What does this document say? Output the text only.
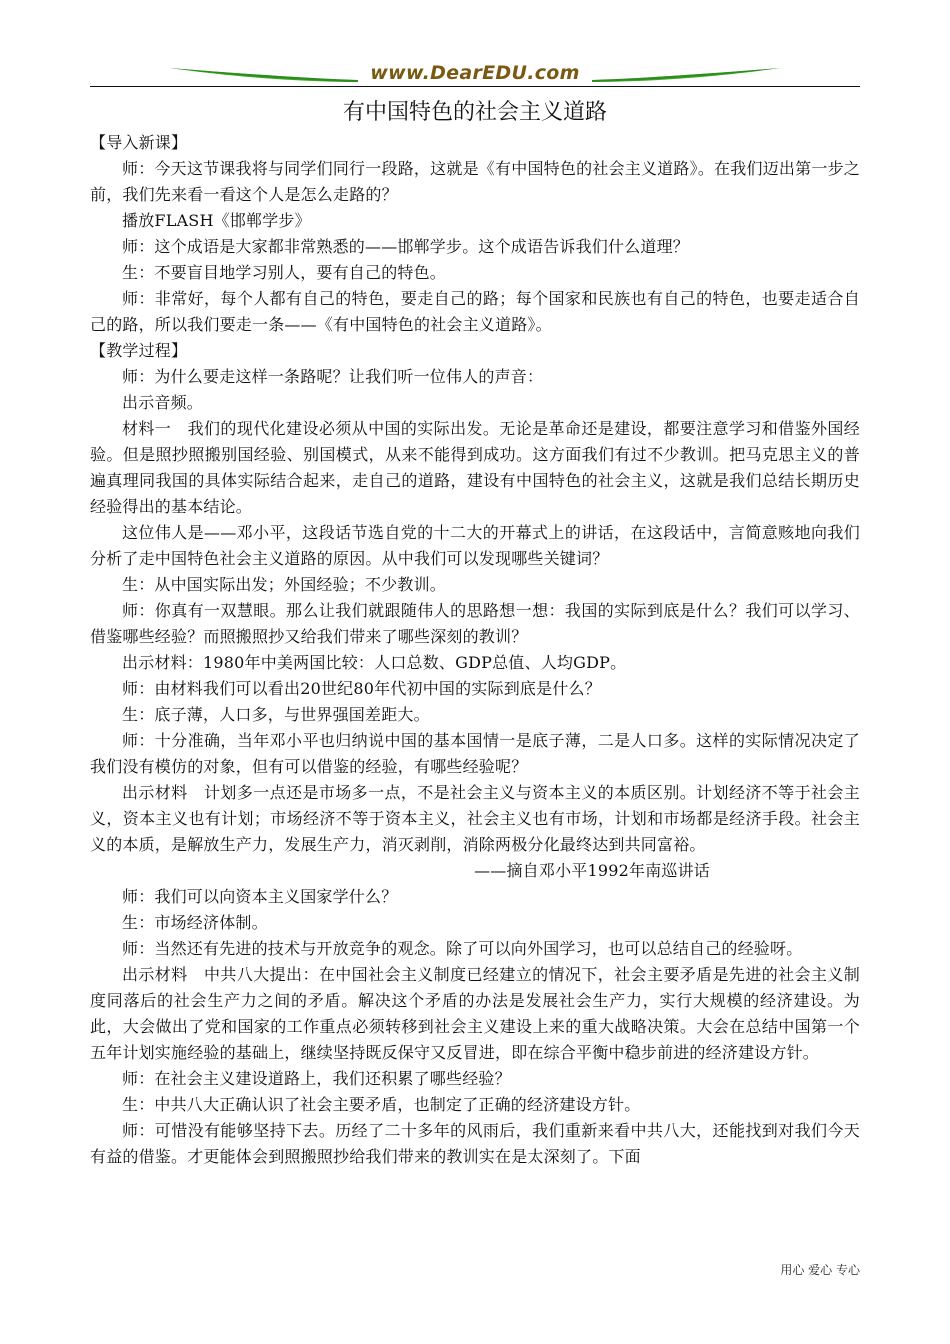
www.DearEDU.com
有中国特色的社会主义道路

【导入新课】

师：今天这节课我将与同学们同行一段路，这就是《有中国特色的社会主义道路》。在我们迈出第一步之前，我们先来看一看这个人是怎么走路的？

播放FLASH《邯郸学步》

师：这个成语是大家都非常熟悉的——邯郸学步。这个成语告诉我们什么道理？

生：不要盲目地学习别人，要有自己的特色。

师：非常好，每个人都有自己的特色，要走自己的路；每个国家和民族也有自己的特色，也要走适合自己的路，所以我们要走一条——《有中国特色的社会主义道路》。

【教学过程】

师：为什么要走这样一条路呢？让我们听一位伟人的声音：

出示音频。

材料一　我们的现代化建设必须从中国的实际出发。无论是革命还是建设，都要注意学习和借鉴外国经验。但是照抄照搬别国经验、别国模式，从来不能得到成功。这方面我们有过不少教训。把马克思主义的普遍真理同我国的具体实际结合起来，走自己的道路，建设有中国特色的社会主义，这就是我们总结长期历史经验得出的基本结论。

这位伟人是——邓小平，这段话节选自党的十二大的开幕式上的讲话，在这段话中，言简意赅地向我们分析了走中国特色社会主义道路的原因。从中我们可以发现哪些关键词？

生：从中国实际出发；外国经验；不少教训。

师：你真有一双慧眼。那么让我们就跟随伟人的思路想一想：我国的实际到底是什么？我们可以学习、借鉴哪些经验？而照搬照抄又给我们带来了哪些深刻的教训？

出示材料：1980年中美两国比较：人口总数、GDP总值、人均GDP。

师：由材料我们可以看出20世纪80年代初中国的实际到底是什么？

生：底子薄，人口多，与世界强国差距大。

师：十分准确，当年邓小平也归纳说中国的基本国情一是底子薄，二是人口多。这样的实际情况决定了我们没有模仿的对象，但有可以借鉴的经验，有哪些经验呢？

出示材料　计划多一点还是市场多一点，不是社会主义与资本主义的本质区别。计划经济不等于社会主义，资本主义也有计划；市场经济不等于资本主义，社会主义也有市场，计划和市场都是经济手段。社会主义的本质，是解放生产力，发展生产力，消灭剥削，消除两极分化最终达到共同富裕。

——摘自邓小平1992年南巡讲话

师：我们可以向资本主义国家学什么？

生：市场经济体制。

师：当然还有先进的技术与开放竞争的观念。除了可以向外国学习，也可以总结自己的经验呀。

出示材料　中共八大提出：在中国社会主义制度已经建立的情况下，社会主要矛盾是先进的社会主义制度同落后的社会生产力之间的矛盾。解决这个矛盾的办法是发展社会生产力，实行大规模的经济建设。为此，大会做出了党和国家的工作重点必须转移到社会主义建设上来的重大战略决策。大会在总结中国第一个五年计划实施经验的基础上，继续坚持既反保守又反冒进，即在综合平衡中稳步前进的经济建设方针。

师：在社会主义建设道路上，我们还积累了哪些经验？

生：中共八大正确认识了社会主要矛盾，也制定了正确的经济建设方针。

师：可惜没有能够坚持下去。历经了二十多年的风雨后，我们重新来看中共八大，还能找到对我们今天有益的借鉴。才更能体会到照搬照抄给我们带来的教训实在是太深刻了。下面

用心 爱心 专心
